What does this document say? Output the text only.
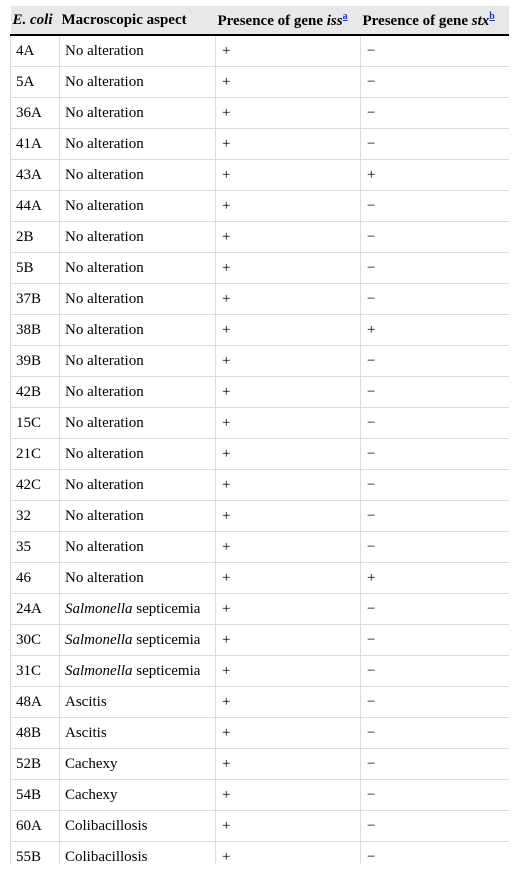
E. coli	Macroscopic aspect	Presence of gene iss$^a$	Presence of gene stx$^b$
4A	No alteration	+	−
5A	No alteration	+	−
36A	No alteration	+	−
41A	No alteration	+	−
43A	No alteration	+	+
44A	No alteration	+	−
2B	No alteration	+	−
5B	No alteration	+	−
37B	No alteration	+	−
38B	No alteration	+	+
39B	No alteration	+	−
42B	No alteration	+	−
15C	No alteration	+	−
21C	No alteration	+	−
42C	No alteration	+	−
32	No alteration	+	−
35	No alteration	+	−
46	No alteration	+	+
24A	Salmonella septicemia	+	−
30C	Salmonella septicemia	+	−
31C	Salmonella septicemia	+	−
48A	Ascitis	+	−
48B	Ascitis	+	−
52B	Cachexy	+	−
54B	Cachexy	+	−
60A	Colibacillosis	+	−
55B	Colibacillosis	+	−
